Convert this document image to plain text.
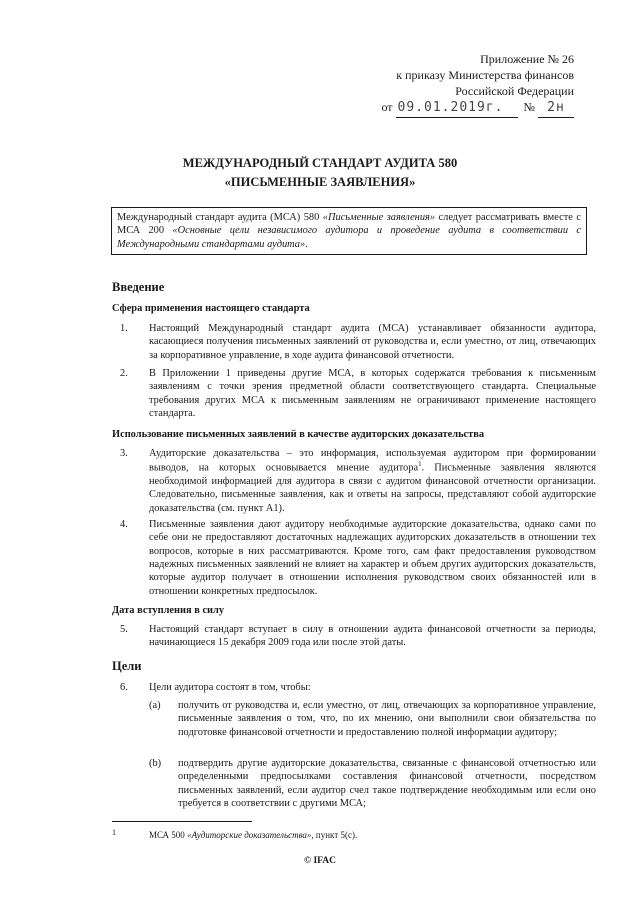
Приложение № 26
к приказу Министерства финансов
Российской Федерации
от 09.01.2019г. № 2н
МЕЖДУНАРОДНЫЙ СТАНДАРТ АУДИТА 580
«ПИСЬМЕННЫЕ ЗАЯВЛЕНИЯ»
Международный стандарт аудита (МСА) 580 «Письменные заявления» следует рассматривать вместе с МСА 200 «Основные цели независимого аудитора и проведение аудита в соответствии с Международными стандартами аудита».
Введение
Сфера применения настоящего стандарта
1. Настоящий Международный стандарт аудита (МСА) устанавливает обязанности аудитора, касающиеся получения письменных заявлений от руководства и, если уместно, от лиц, отвечающих за корпоративное управление, в ходе аудита финансовой отчетности.
2. В Приложении 1 приведены другие МСА, в которых содержатся требования к письменным заявлениям с точки зрения предметной области соответствующего стандарта. Специальные требования других МСА к письменным заявлениям не ограничивают применение настоящего стандарта.
Использование письменных заявлений в качестве аудиторских доказательства
3. Аудиторские доказательства – это информация, используемая аудитором при формировании выводов, на которых основывается мнение аудитора$^1$. Письменные заявления являются необходимой информацией для аудитора в связи с аудитом финансовой отчетности организации. Следовательно, письменные заявления, как и ответы на запросы, представляют собой аудиторские доказательства (см. пункт А1).
4. Письменные заявления дают аудитору необходимые аудиторские доказательства, однако сами по себе они не предоставляют достаточных надлежащих аудиторских доказательств в отношении тех вопросов, которые в них рассматриваются. Кроме того, сам факт предоставления руководством надежных письменных заявлений не влияет на характер и объем других аудиторских доказательств, которые аудитор получает в отношении исполнения руководством своих обязанностей или в отношении конкретных предпосылок.
Дата вступления в силу
5. Настоящий стандарт вступает в силу в отношении аудита финансовой отчетности за периоды, начинающиеся 15 декабря 2009 года или после этой даты.
Цели
6. Цели аудитора состоят в том, чтобы:
(a) получить от руководства и, если уместно, от лиц, отвечающих за корпоративное управление, письменные заявления о том, что, по их мнению, они выполнили свои обязательства по подготовке финансовой отчетности и предоставлению полной информации аудитору;
(b) подтвердить другие аудиторские доказательства, связанные с финансовой отчетностью или определенными предпосылками составления финансовой отчетности, посредством письменных заявлений, если аудитор счел такое подтверждение необходимым или если оно требуется в соответствии с другими МСА;
1	МСА 500 «Аудиторские доказательства», пункт 5(с).
© IFAC
